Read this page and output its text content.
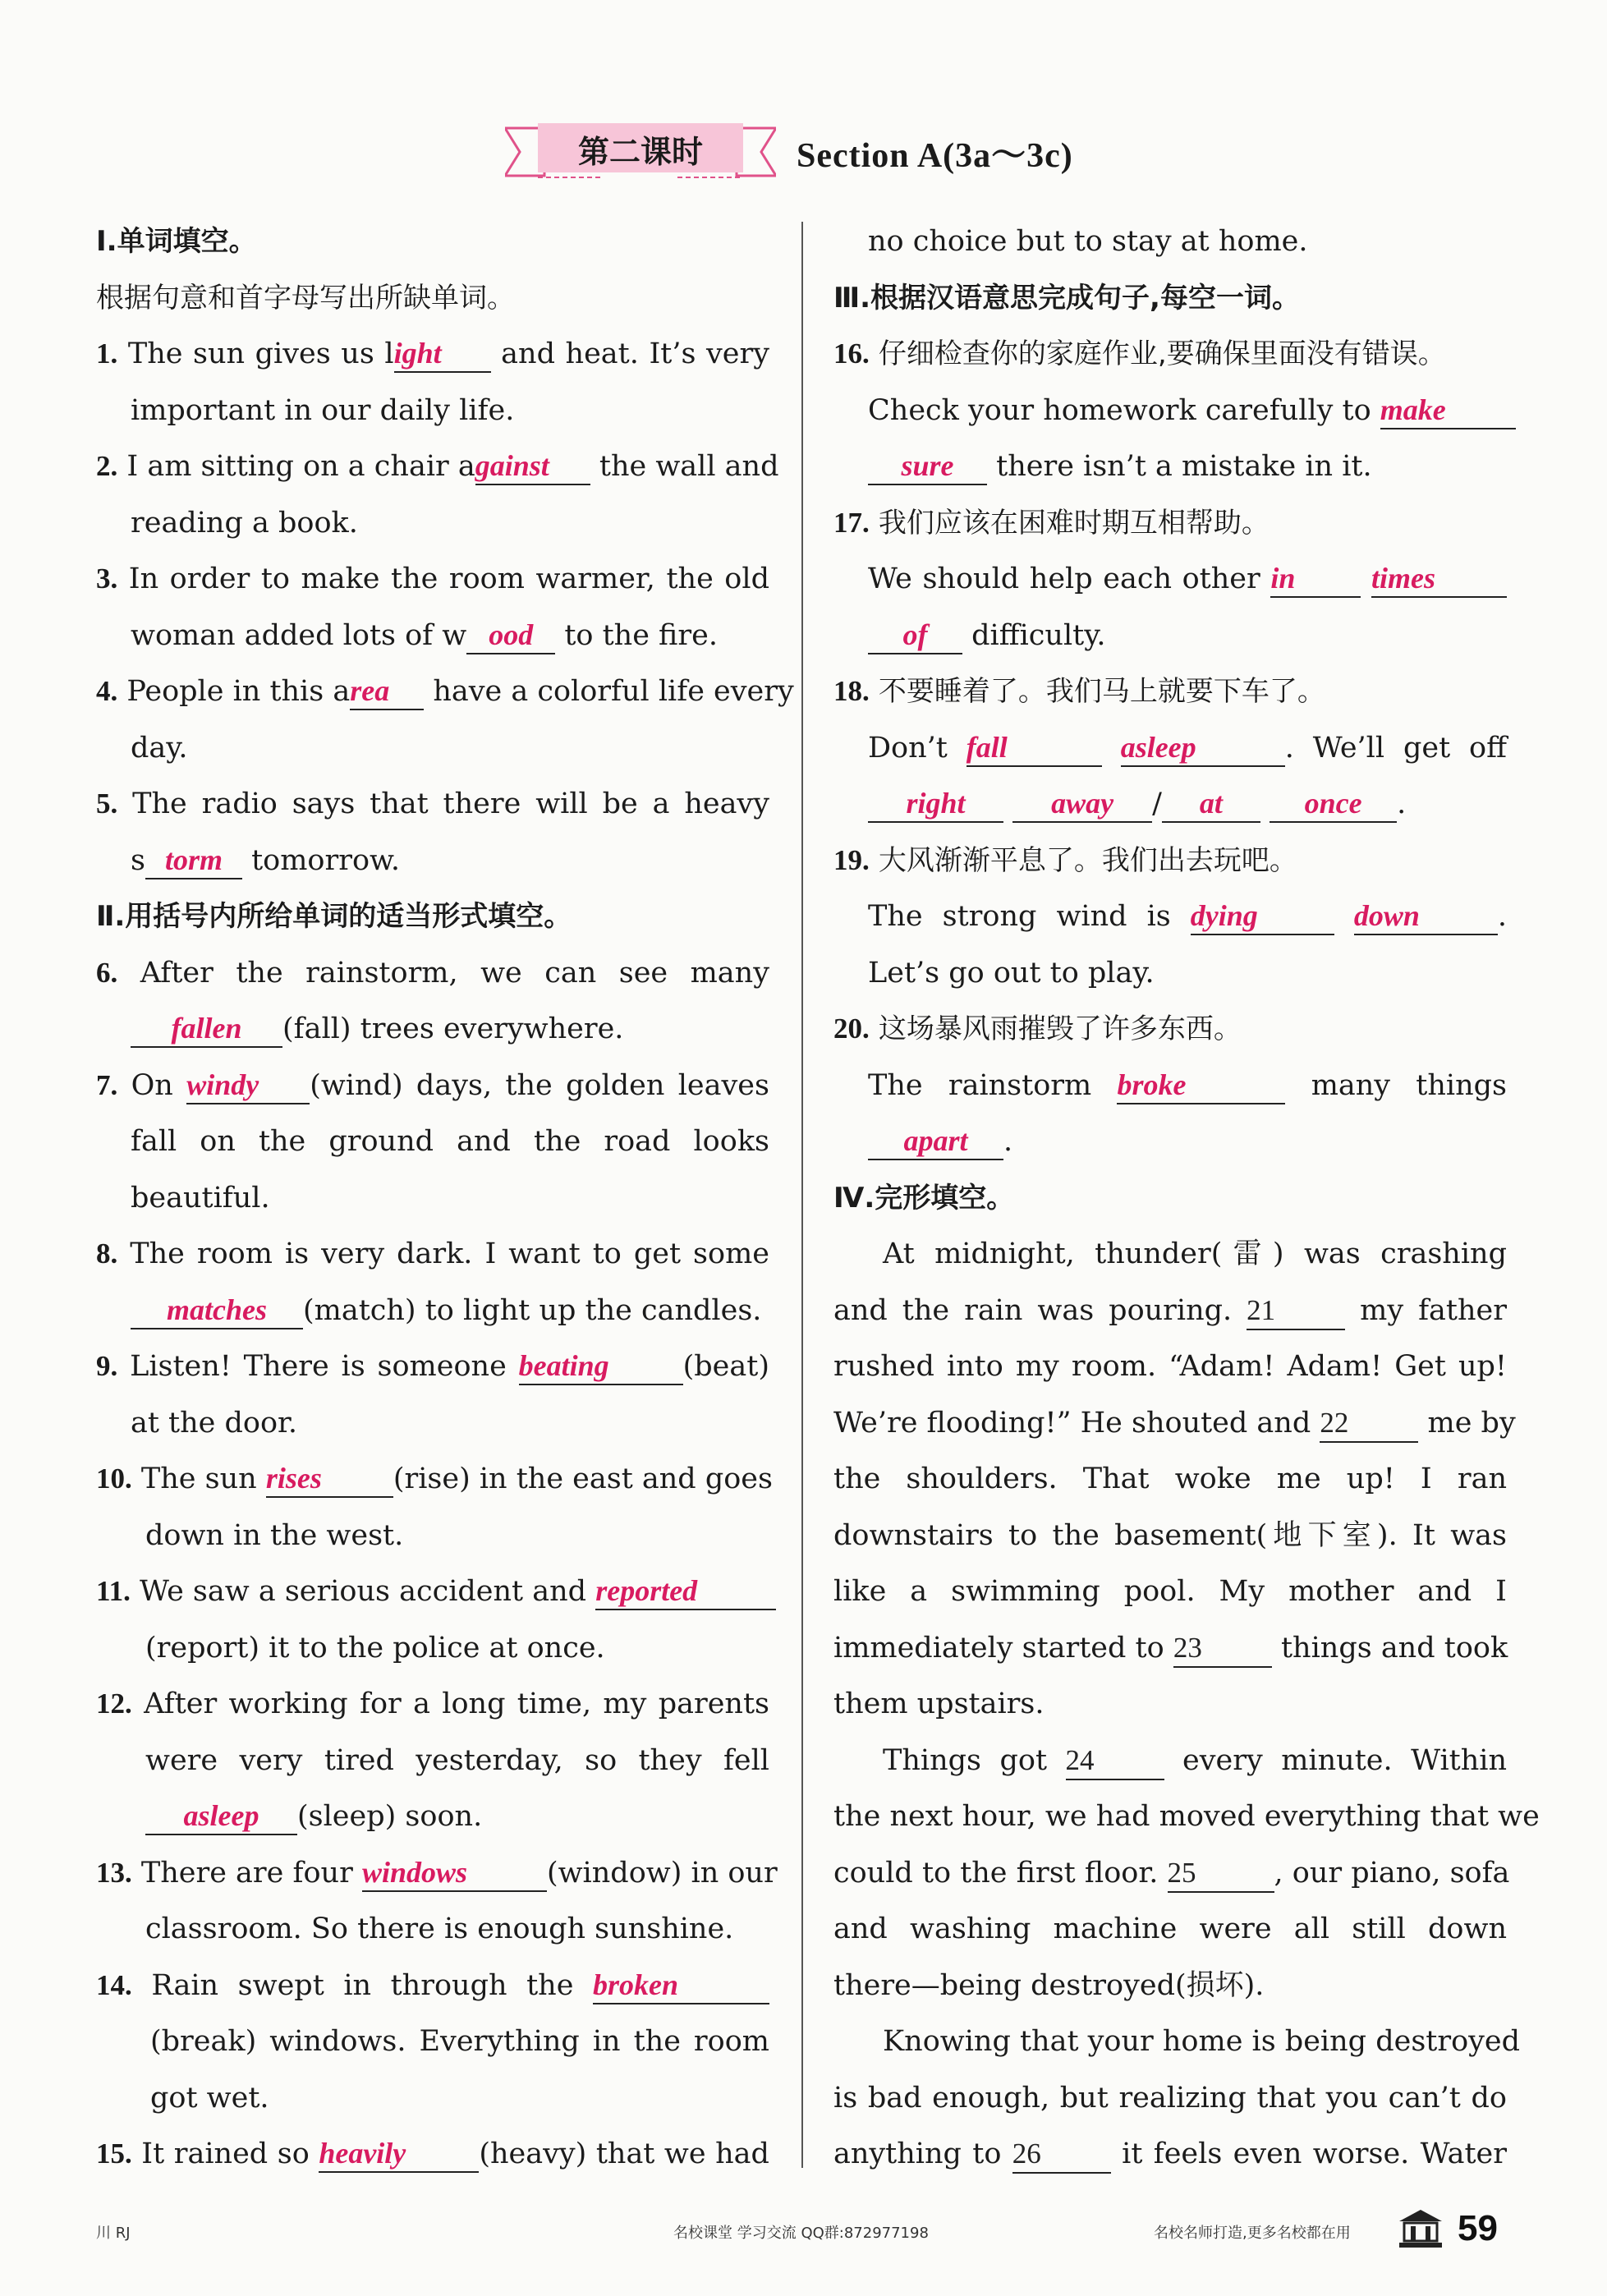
第二课时	Section A(3a～3c)
Ⅰ.单词填空。
根据句意和首字母写出所缺单词。
1. The sun gives us light and heat. It’s very
important in our daily life.
2. I am sitting on a chair against the wall and
reading a book.
3. In order to make the room warmer, the old
woman added lots of w ood to the fire.
4. People in this area have a colorful life every
day.
5. The radio says that there will be a heavy
s torm tomorrow.
Ⅱ.用括号内所给单词的适当形式填空。
6. After the rainstorm, we can see many
fallen (fall) trees everywhere.
7. On windy (wind) days, the golden leaves
fall on the ground and the road looks
beautiful.
8. The room is very dark. I want to get some
matches (match) to light up the candles.
9. Listen! There is someone beating	(beat)
at the door.
10. The sun rises (rise) in the east and goes
down in the west.
11. We saw a serious accident and reported
(report) it to the police at once.
12. After working for a long time, my parents
were very tired yesterday, so they fell
asleep (sleep) soon.
13. There are four windows	(window) in our
classroom. So there is enough sunshine.
14. Rain swept in through the broken
(break) windows. Everything in the room
got wet.
15. It rained so heavily	(heavy) that we had
no choice but to stay at home.
Ⅲ.根据汉语意思完成句子,每空一词。
16. 仔细检查你的家庭作业,要确保里面没有错误。
Check your homework carefully to make
sure there isn’t a mistake in it.
17. 我们应该在困难时期互相帮助。
We should help each other in	times
of difficulty.
18. 不要睡着了。我们马上就要下车了。
Don’t fall	asleep	. We’ll get off
right	away / at	once .
19. 大风渐渐平息了。我们出去玩吧。
The strong wind is dying	down	.
Let’s go out to play.
20. 这场暴风雨摧毁了许多东西。
The rainstorm broke	many things
apart .
Ⅳ.完形填空。
At midnight, thunder(雷) was crashing
and the rain was pouring. 21	my father
rushed into my room. “Adam! Adam! Get up!
We’re flooding!” He shouted and 22	me by
the shoulders. That woke me up! I ran
downstairs to the basement(地下室). It was
like a swimming pool. My mother and I
immediately started to 23	things and took
them upstairs.
Things got 24	every minute. Within
the next hour, we had moved everything that we
could to the first floor. 25	, our piano, sofa
and washing machine were all still down
there—being destroyed(损坏).
Knowing that your home is being destroyed
is bad enough, but realizing that you can’t do
anything to 26	it feels even worse. Water
川 RJ	名校课堂 学习交流 QQ群:872977198	名校名师打造,更多名校都在用	59
